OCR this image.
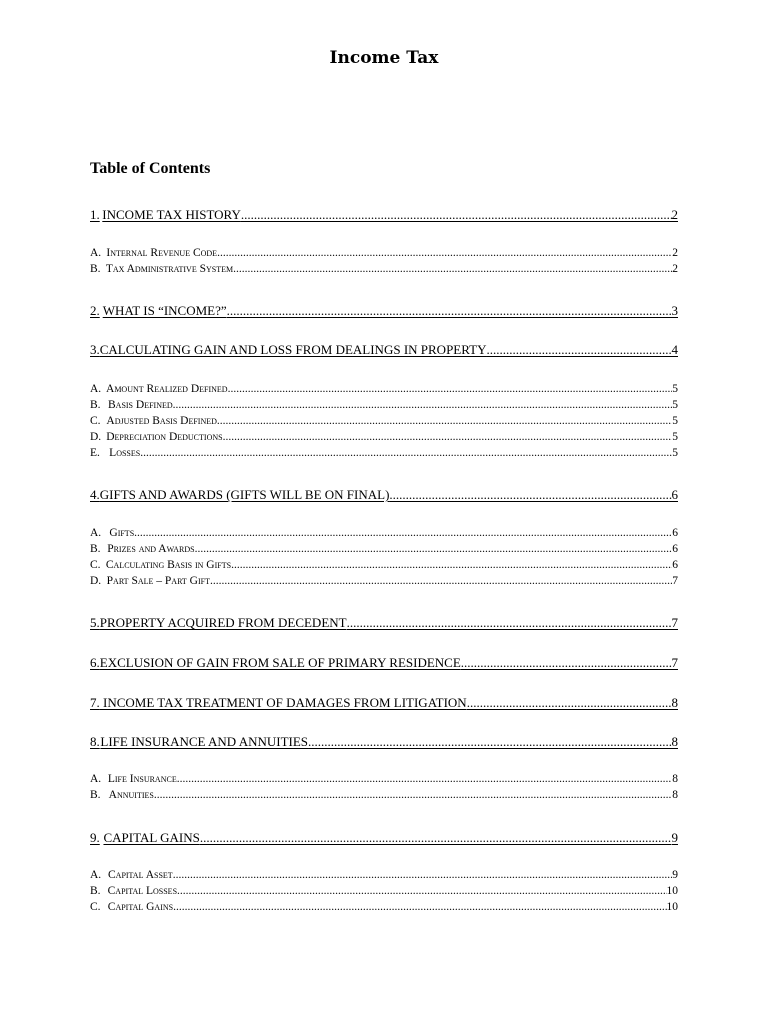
Income Tax
Table of Contents
1. INCOME TAX HISTORY .....	2
A. Internal Revenue Code .....	2
B. Tax Administrative System .....	2
2. WHAT IS “INCOME?” .....	3
3. CALCULATING GAIN AND LOSS FROM DEALINGS IN PROPERTY .....	4
A. Amount Realized Defined .....	5
B. Basis Defined .....	5
C. Adjusted Basis Defined .....	5
D. Depreciation Deductions .....	5
E. Losses .....	5
4. GIFTS AND AWARDS (GIFTS WILL BE ON FINAL) .....	6
A. Gifts .....	6
B. Prizes and Awards .....	6
C. Calculating Basis in Gifts .....	6
D. Part Sale – Part Gift .....	7
5. PROPERTY ACQUIRED FROM DECEDENT .....	7
6. EXCLUSION OF GAIN FROM SALE OF PRIMARY RESIDENCE .....	7
7. INCOME TAX TREATMENT OF DAMAGES FROM LITIGATION .....	8
8. LIFE INSURANCE AND ANNUITIES .....	8
A. Life Insurance .....	8
B. Annuities .....	8
9. CAPITAL GAINS .....	9
A. Capital Asset .....	9
B. Capital Losses .....	10
C. Capital Gains .....	10
